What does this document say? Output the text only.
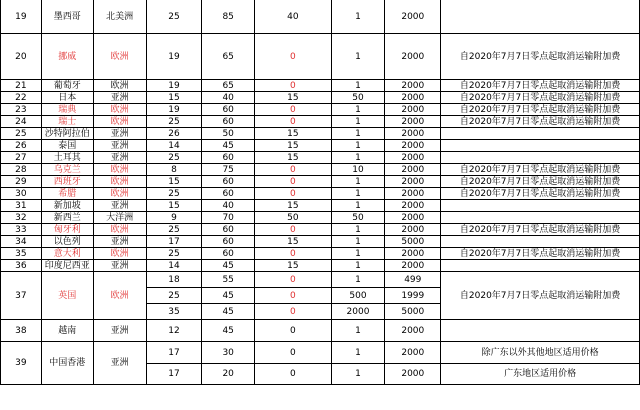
19	墨西哥	北美洲	25	85	40	1	2000	
20	挪威	欧洲	19	65	0	1	2000	自2020年7月7日零点起取消运输附加费
21	葡萄牙	欧洲	19	65	0	1	2000	自2020年7月7日零点起取消运输附加费
22	日本	亚洲	15	40	15	50	2000	自2020年7月7日零点起取消运输附加费
23	瑞典	欧洲	19	60	0	1	2000	自2020年7月7日零点起取消运输附加费
24	瑞士	欧洲	25	60	0	1	2000	自2020年7月7日零点起取消运输附加费
25	沙特阿拉伯	亚洲	26	50	15	1	2000	
26	泰国	亚洲	14	45	15	1	2000	
27	土耳其	亚洲	25	60	15	1	2000	
28	乌克兰	欧洲	8	75	0	10	2000	自2020年7月7日零点起取消运输附加费
29	西班牙	欧洲	15	60	0	1	2000	自2020年7月7日零点起取消运输附加费
30	希腊	欧洲	25	60	0	1	2000	自2020年7月7日零点起取消运输附加费
31	新加坡	亚洲	15	40	15	1	2000	
32	新西兰	大洋洲	9	70	50	50	2000	
33	匈牙利	欧洲	25	60	0	1	2000	自2020年7月7日零点起取消运输附加费
34	以色列	亚洲	17	60	15	1	5000	
35	意大利	欧洲	25	60	0	1	2000	自2020年7月7日零点起取消运输附加费
36	印度尼西亚	亚洲	14	45	15	1	2000	
37	英国	欧洲	18	55	0	1	499	自2020年7月7日零点起取消运输附加费
			25	45	0	500	1999	
			35	45	0	2000	5000	
38	越南	亚洲	12	45	0	1	2000	
39	中国香港	亚洲	17	30	0	1	2000	除广东以外其他地区适用价格
			17	20	0	1	2000	广东地区适用价格
